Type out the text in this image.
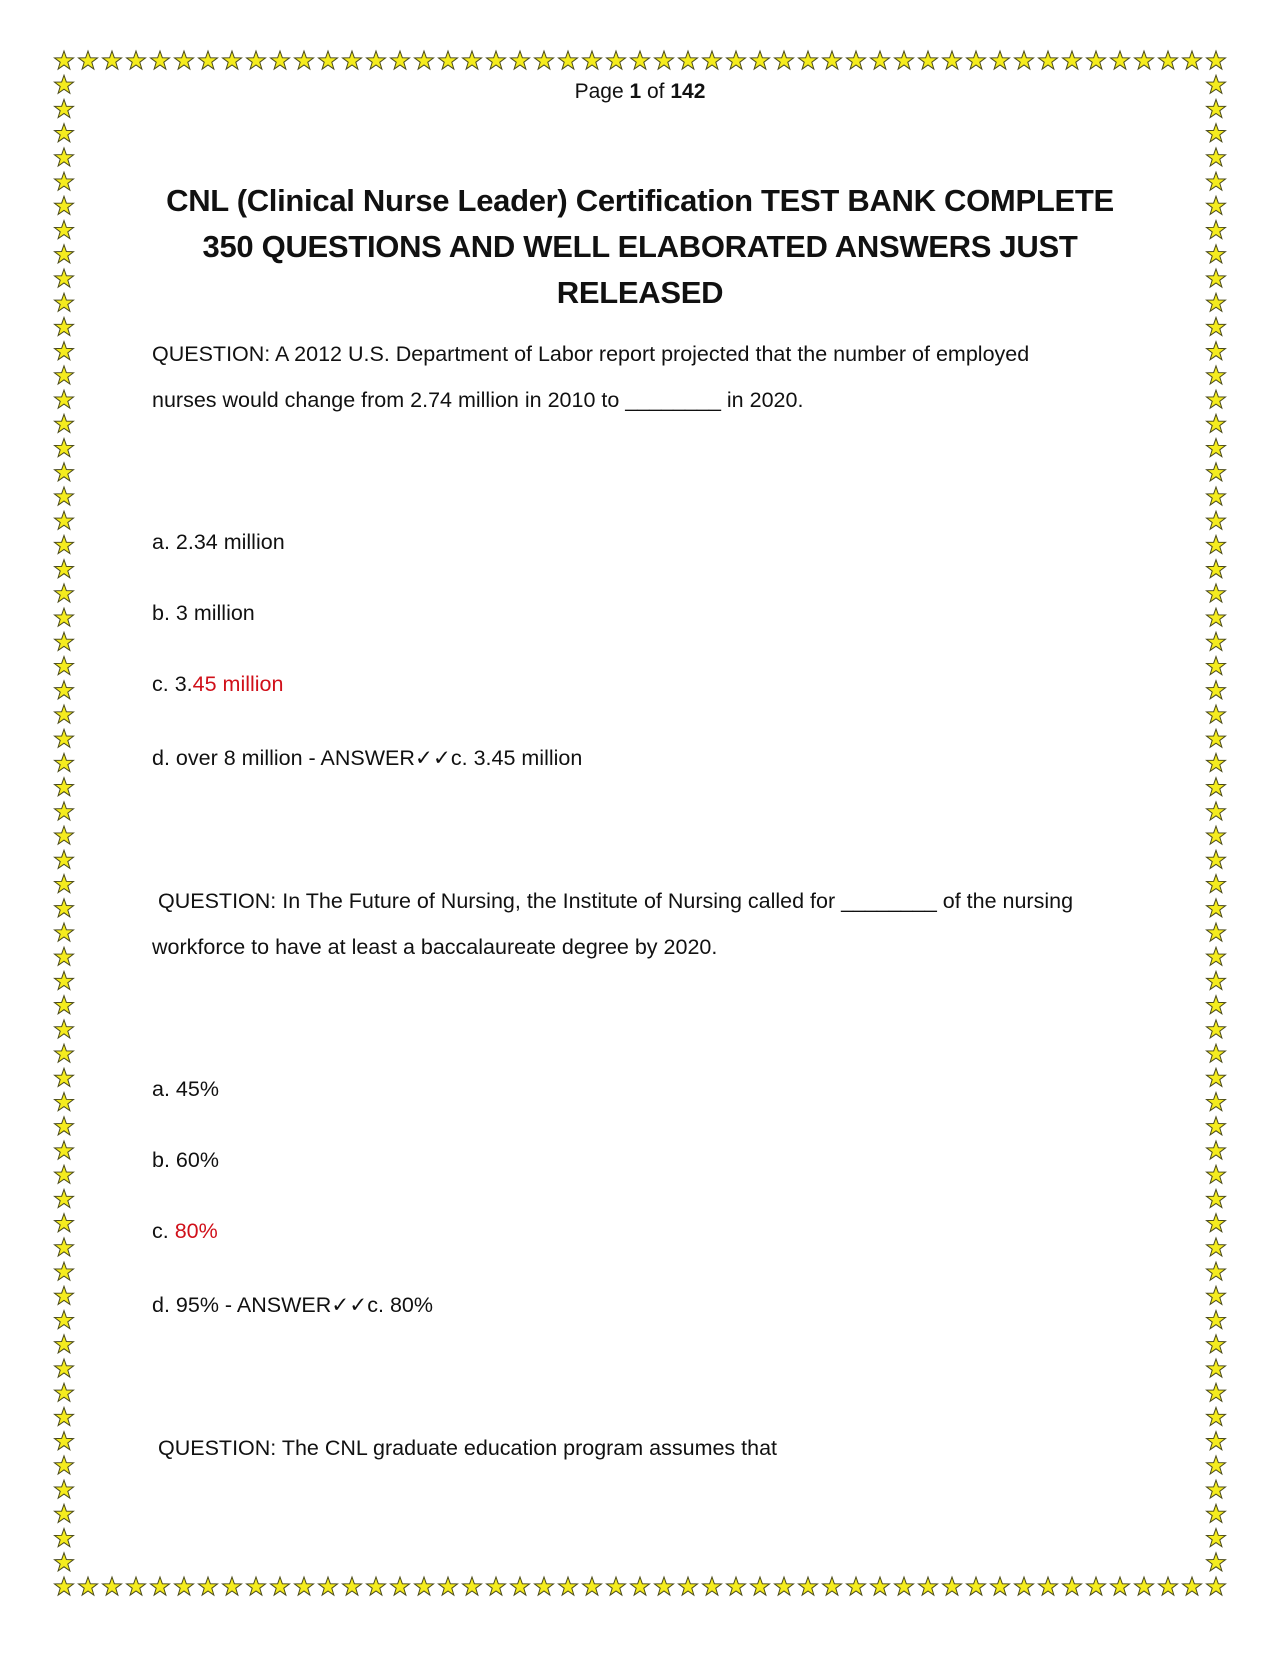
Page 1 of 142

CNL (Clinical Nurse Leader) Certification TEST BANK COMPLETE
350 QUESTIONS AND WELL ELABORATED ANSWERS JUST
RELEASED
QUESTION: A 2012 U.S. Department of Labor report projected that the number of employed
nurses would change from 2.74 million in 2010 to ________ in 2020.
a. 2.34 million
b. 3 million
c. 3.45 million
d. over 8 million - ANSWER✓✓c. 3.45 million
QUESTION: In The Future of Nursing, the Institute of Nursing called for ________ of the nursing
workforce to have at least a baccalaureate degree by 2020.
a. 45%
b. 60%
c. 80%
d. 95% - ANSWER✓✓c. 80%
QUESTION: The CNL graduate education program assumes that
